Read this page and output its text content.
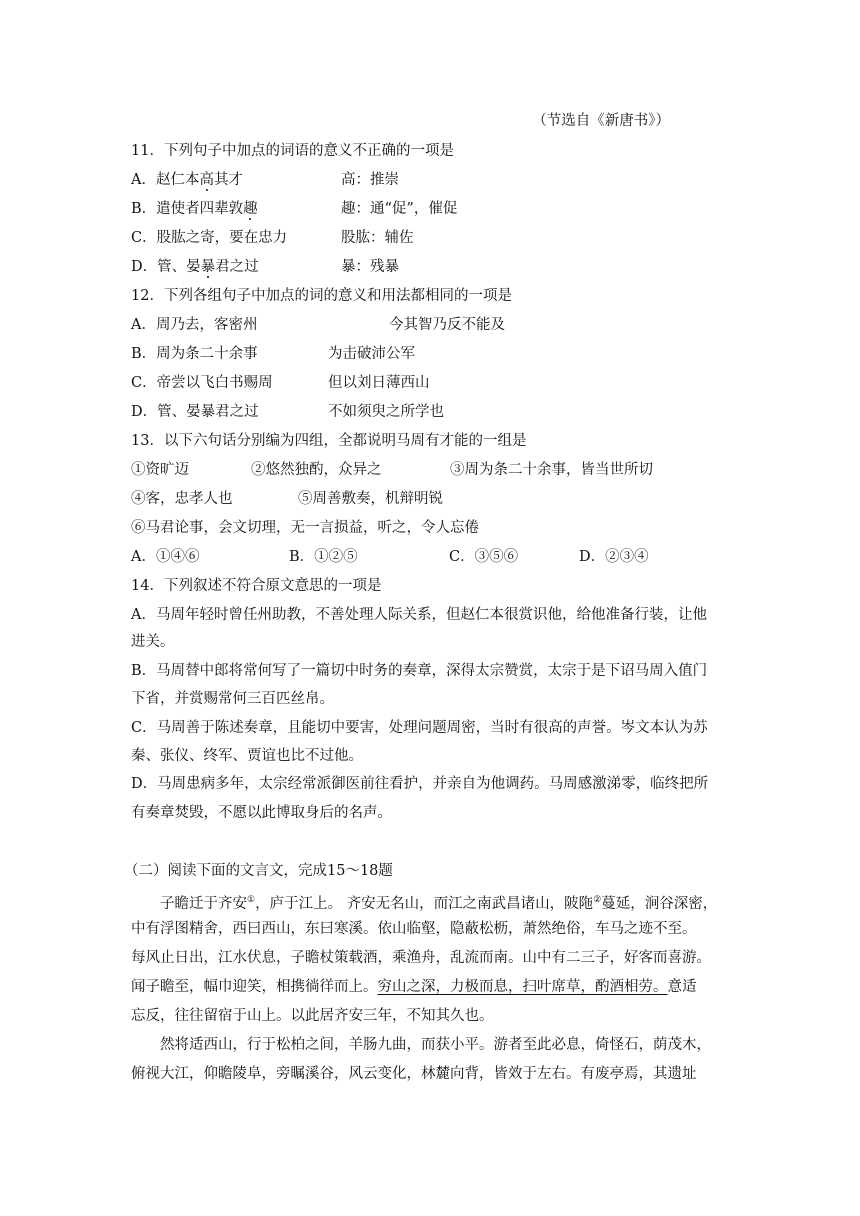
（节选自《新唐书》）
11．下列句子中加点的词语的意义不正确的一项是
A．赵仁本高其才	高：推崇
B．遣使者四辈敦趣	趣：通“促”，催促
C．股肱之寄，要在忠力	股肱：辅佐
D．管、晏暴君之过	暴：残暴
12．下列各组句子中加点的词的意义和用法都相同的一项是
A．周乃去，客密州	今其智乃反不能及
B．周为条二十余事	为击破沛公军
C．帝尝以飞白书赐周	但以刘日薄西山
D．管、晏暴君之过	不如须臾之所学也
13．以下六句话分别编为四组，全都说明马周有才能的一组是
①资旷迈	②悠然独酌，众异之	③周为条二十余事，皆当世所切
④客，忠孝人也	⑤周善敷奏，机辩明锐
⑥马君论事，会文切理，无一言损益，听之，令人忘倦
A．①④⑥	B．①②⑤	C．③⑤⑥	D．②③④
14．下列叙述不符合原文意思的一项是
A．马周年轻时曾任州助教，不善处理人际关系，但赵仁本很赏识他，给他准备行装，让他
进关。
B．马周替中郎将常何写了一篇切中时务的奏章，深得太宗赞赏，太宗于是下诏马周入值门
下省，并赏赐常何三百匹丝帛。
C．马周善于陈述奏章，且能切中要害，处理问题周密，当时有很高的声誉。岑文本认为苏
秦、张仪、终军、贾谊也比不过他。
D．马周患病多年，太宗经常派御医前往看护，并亲自为他调药。马周感激涕零，临终把所
有奏章焚毁，不愿以此博取身后的名声。
（二）阅读下面的文言文，完成15～18题
子瞻迁于齐安①，庐于江上。 齐安无名山，而江之南武昌诸山，陂陁②蔓延，涧谷深密，
中有浮图精舍，西曰西山，东曰寒溪。依山临壑，隐蔽松枥，萧然绝俗，车马之迹不至。
每风止日出，江水伏息，子瞻杖策载酒，乘渔舟，乱流而南。山中有二三子，好客而喜游。
闻子瞻至，幅巾迎笑，相携徜徉而上。穷山之深，力极而息，扫叶席草，酌酒相劳。意适
忘反，往往留宿于山上。以此居齐安三年，不知其久也。
然将适西山，行于松柏之间，羊肠九曲，而获小平。游者至此必息，倚怪石，荫茂木，
俯视大江，仰瞻陵阜，旁瞩溪谷，风云变化，林麓向背，皆效于左右。有废亭焉，其遗址
